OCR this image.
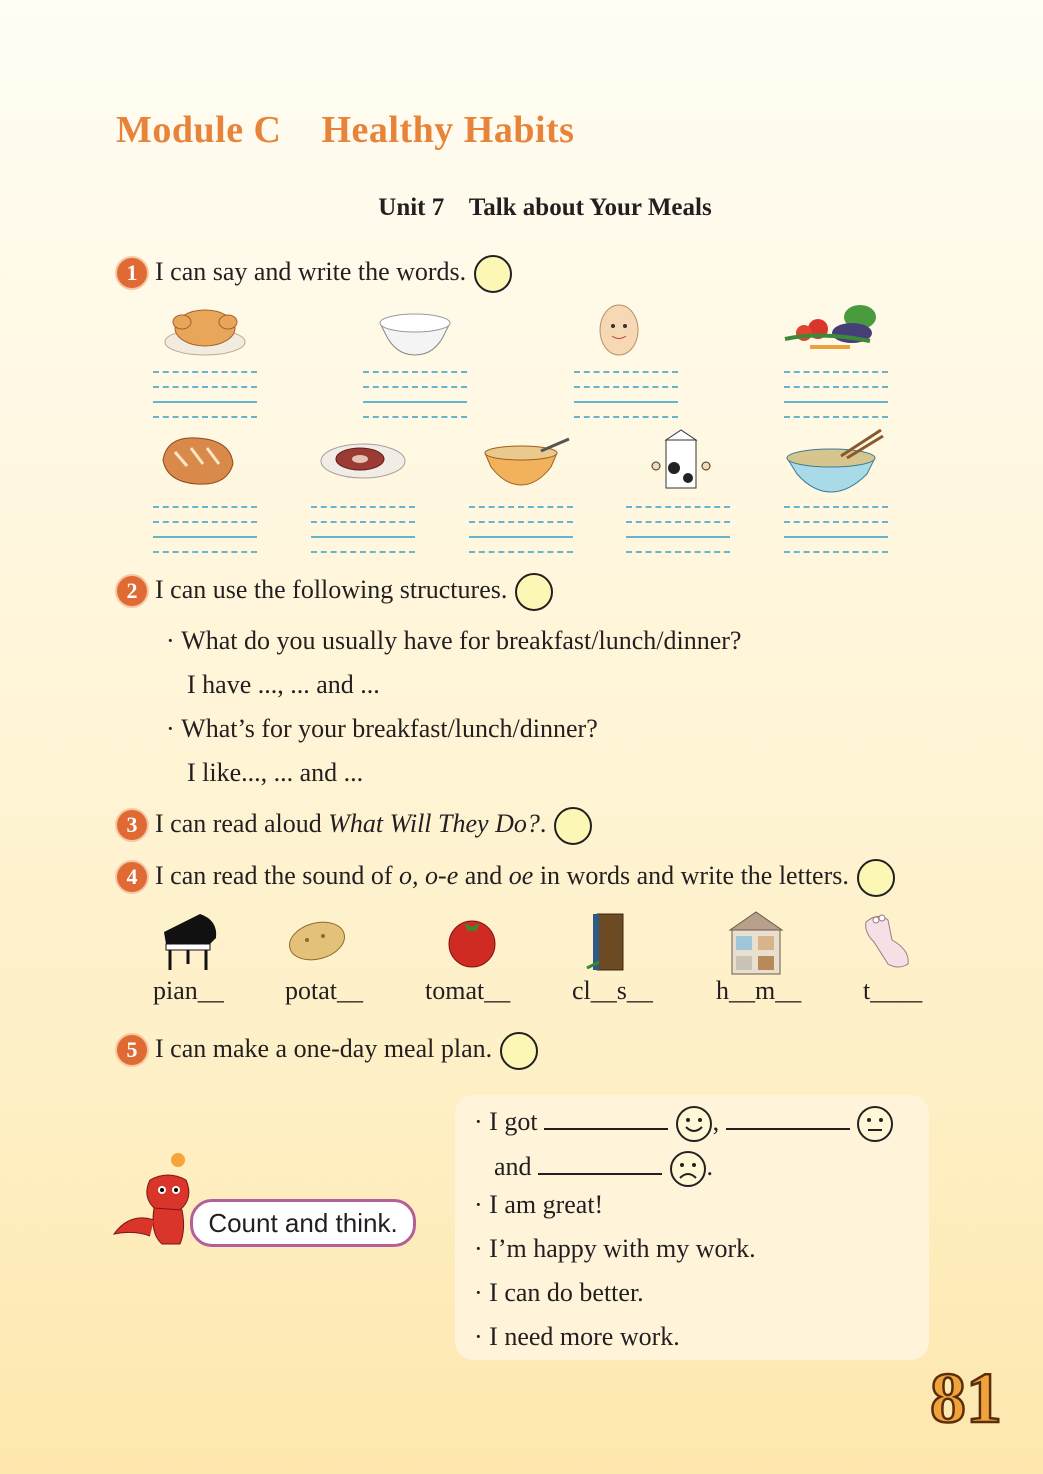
Module C    Healthy Habits
Unit 7    Talk about Your Meals
1 I can say and write the words.
2 I can use the following structures.
· What do you usually have for breakfast/lunch/dinner?
I have ..., ... and ...
· What’s for your breakfast/lunch/dinner?
I like..., ... and ...
3 I can read aloud What Will They Do?.
4 I can read the sound of o, o-e and oe in words and write the letters.
pian__ potat__ tomat__ cl__s__ h__m__ t____
5 I can make a one-day meal plan.
Count and think.
· I got	,
and	.
· I am great!
· I’m happy with my work.
· I can do better.
· I need more work.
81
